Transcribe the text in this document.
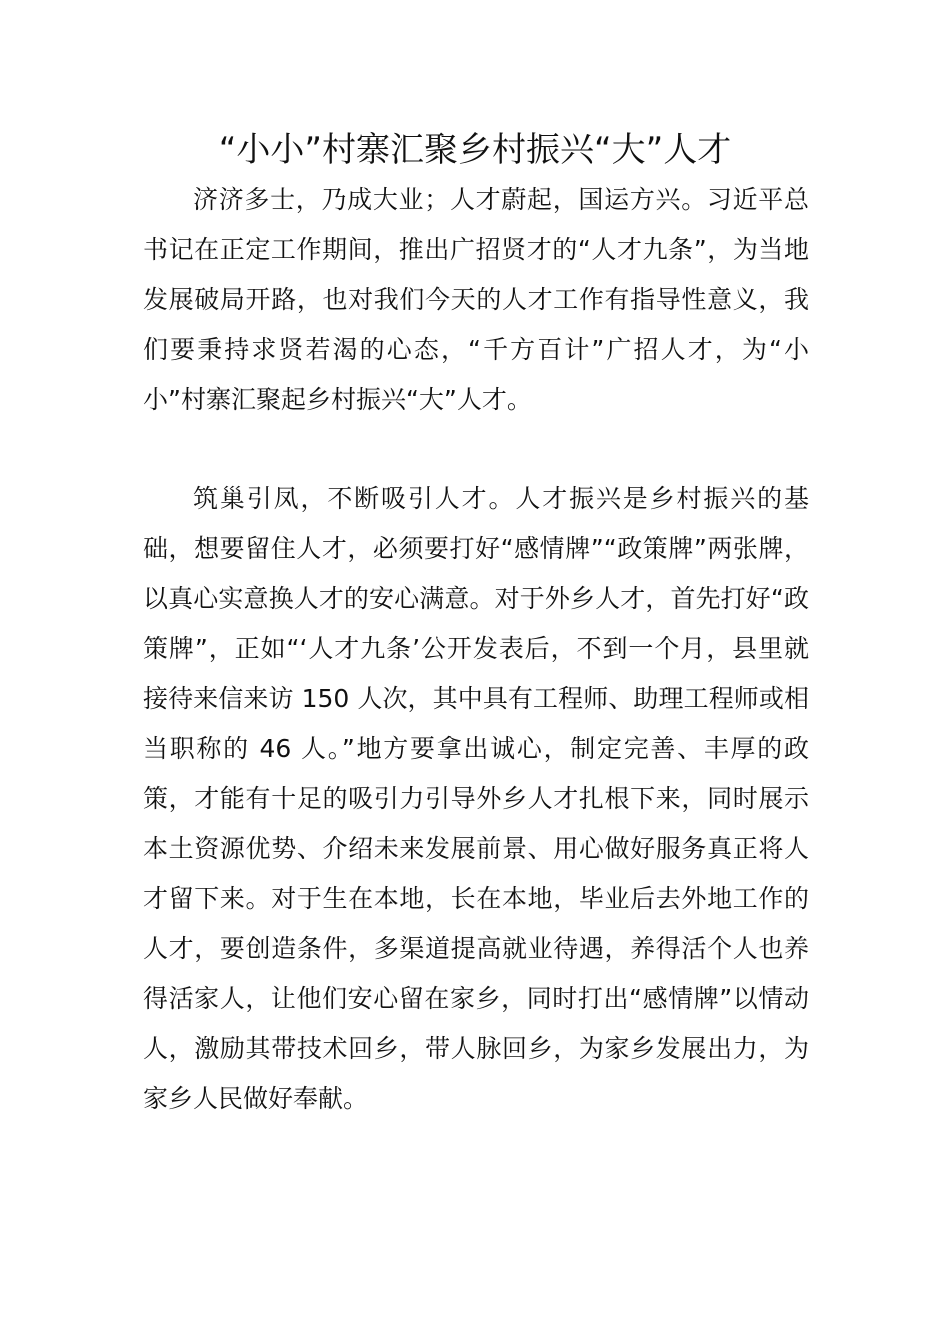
“小小”村寨汇聚乡村振兴“大”人才

济济多士，乃成大业；人才蔚起，国运方兴。习近平总书记在正定工作期间，推出广招贤才的“人才九条”，为当地发展破局开路，也对我们今天的人才工作有指导性意义，我们要秉持求贤若渴的心态，“千方百计”广招人才，为“小小”村寨汇聚起乡村振兴“大”人才。

筑巢引凤，不断吸引人才。人才振兴是乡村振兴的基础，想要留住人才，必须要打好“感情牌”“政策牌”两张牌，以真心实意换人才的安心满意。对于外乡人才，首先打好“政策牌”，正如“‘人才九条’公开发表后，不到一个月，县里就接待来信来访 150 人次，其中具有工程师、助理工程师或相当职称的 46 人。”地方要拿出诚心，制定完善、丰厚的政策，才能有十足的吸引力引导外乡人才扎根下来，同时展示本土资源优势、介绍未来发展前景、用心做好服务真正将人才留下来。对于生在本地，长在本地，毕业后去外地工作的人才，要创造条件，多渠道提高就业待遇，养得活个人也养得活家人，让他们安心留在家乡，同时打出“感情牌”以情动人，激励其带技术回乡，带人脉回乡，为家乡发展出力，为家乡人民做好奉献。
